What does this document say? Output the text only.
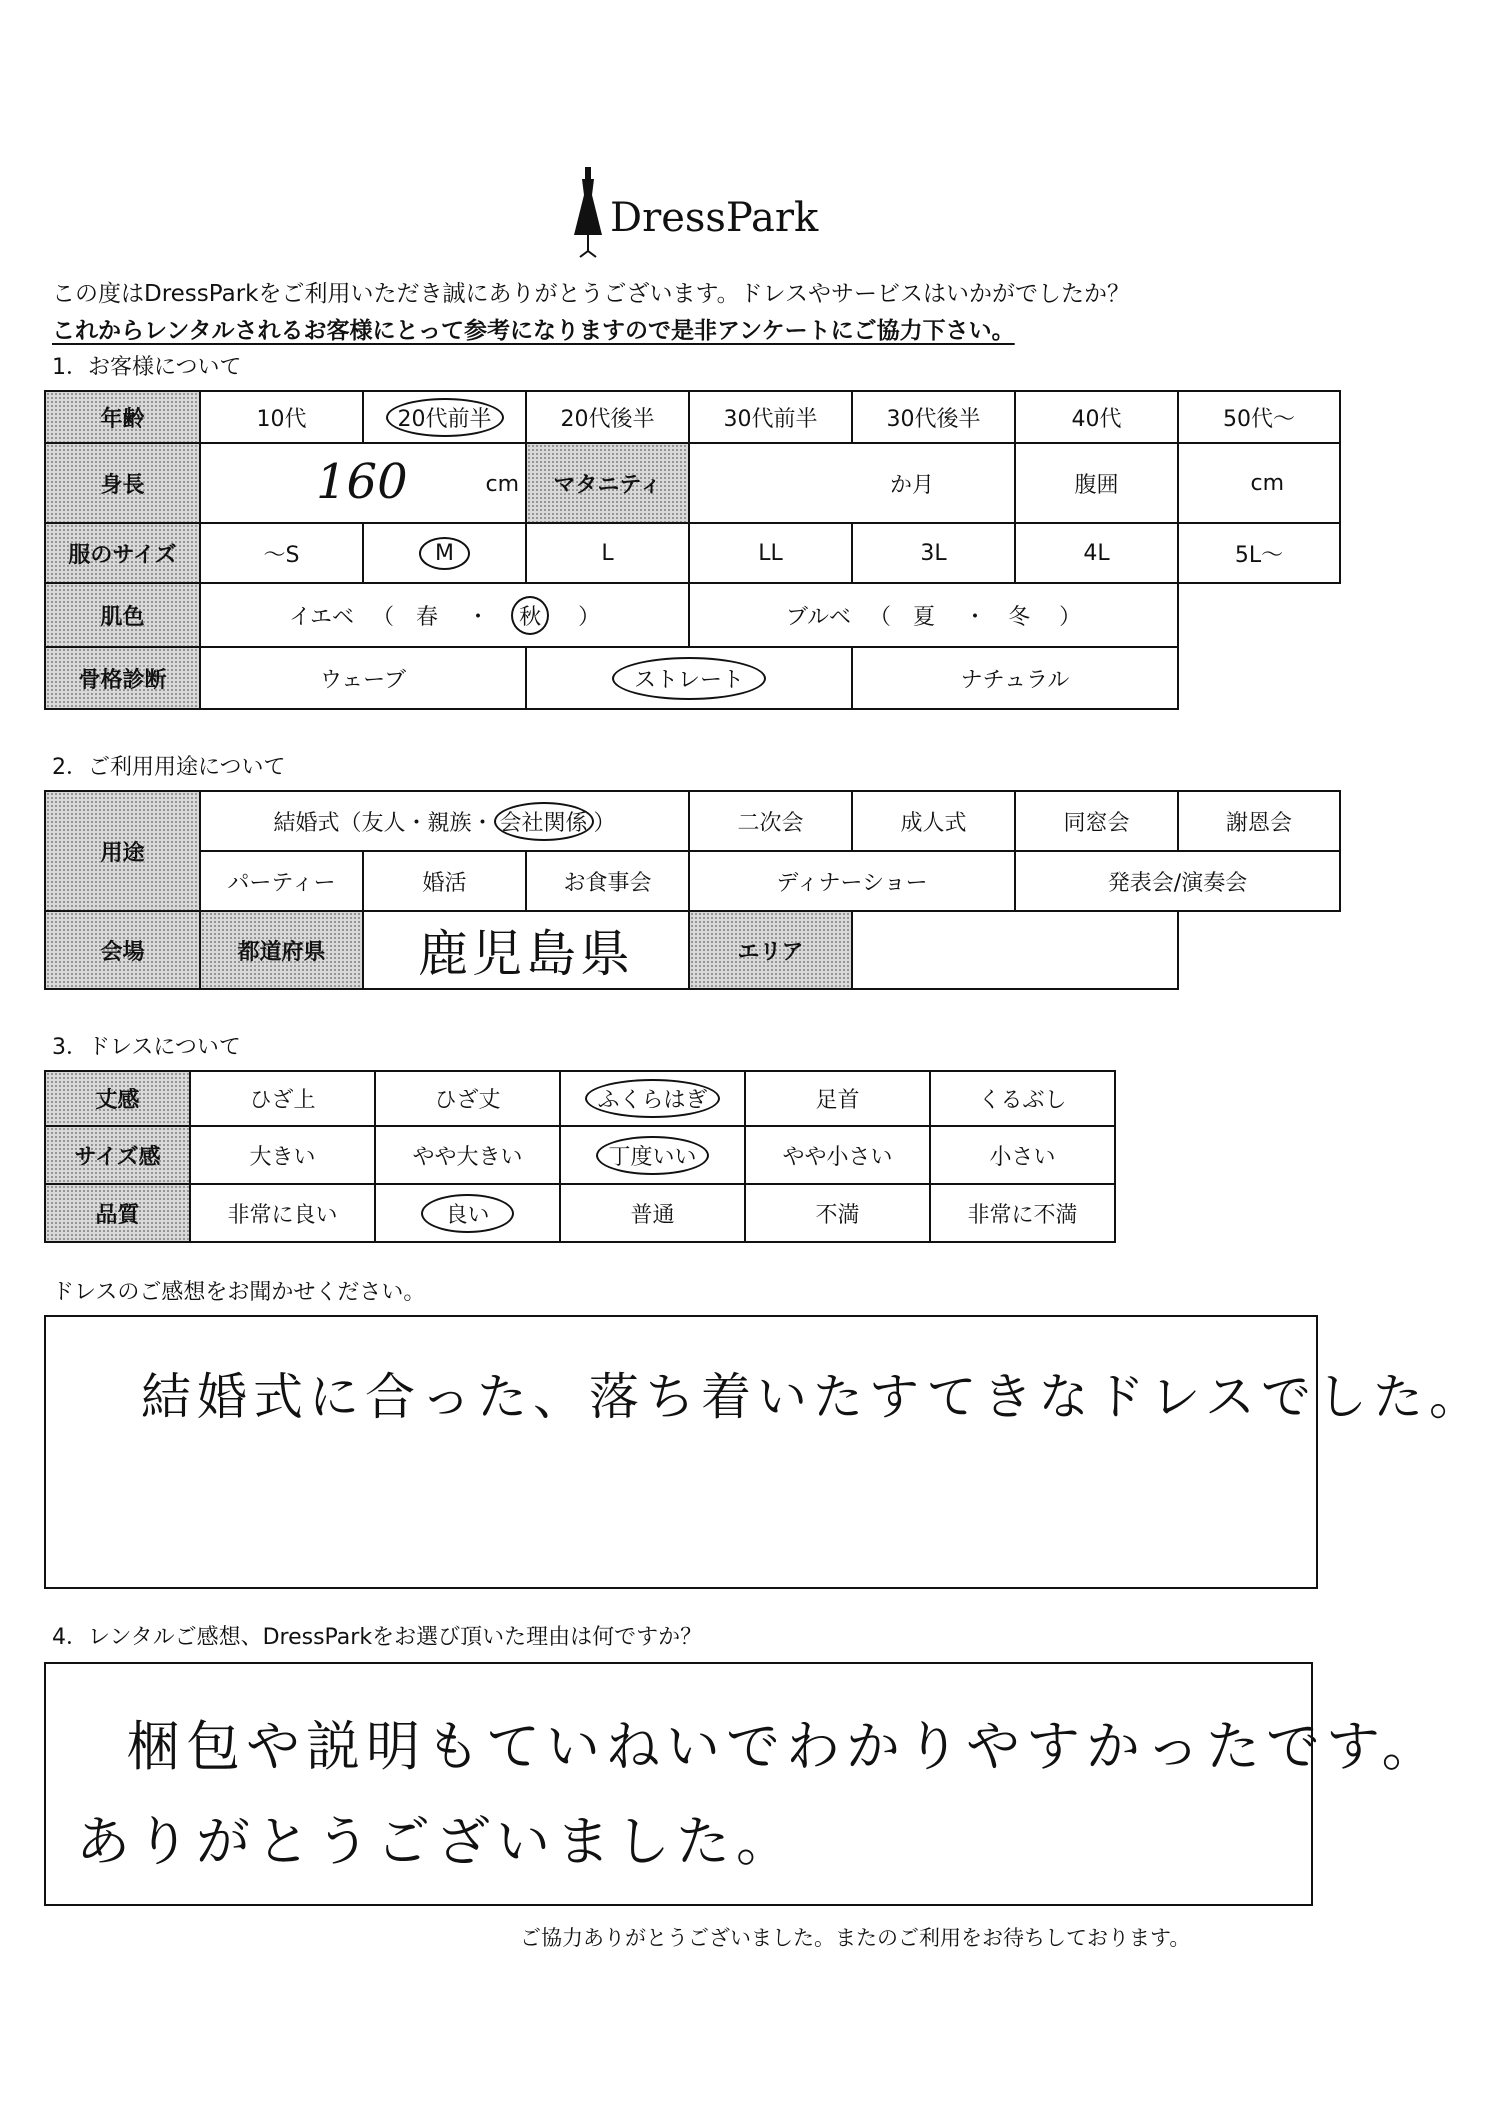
DressPark
この度はDressParkをご利用いただき誠にありがとうございます。ドレスやサービスはいかがでしたか？
これからレンタルされるお客様にとって参考になりますので是非アンケートにご協力下さい。
1．お客様について
年齢	10代	20代前半	20代後半	30代前半	30代後半	40代	50代～
身長	160 cm		マタニティ	か月		腹囲	cm
服のサイズ	～S	M	L	LL	3L	4L	5L～
肌色	イエベ 　（　春 　・　秋 　）			ブルベ 　（　夏 　・　冬 　）			
骨格診断	ウェーブ		ストレート		ナチュラル		
2．ご利用用途について
用途	結婚式（友人・親族・ 会社関係 ）			二次会	成人式	同窓会	謝恩会
	パーティー	婚活	お食事会	ディナーショー		発表会/演奏会	
会場	都道府県	鹿児島県		エリア			
3．ドレスについて
丈感	ひざ上	ひざ丈	ふくらはぎ	足首	くるぶし
サイズ感	大きい	やや大きい	丁度いい	やや小さい	小さい
品質	非常に良い	良い	普通	不満	非常に不満
ドレスのご感想をお聞かせください。
結婚式に合った、落ち着いたすてきなドレスでした。
4．レンタルご感想、DressParkをお選び頂いた理由は何ですか？
梱包や説明もていねいでわかりやすかったです。
ありがとうございました。
ご協力ありがとうございました。またのご利用をお待ちしております。
